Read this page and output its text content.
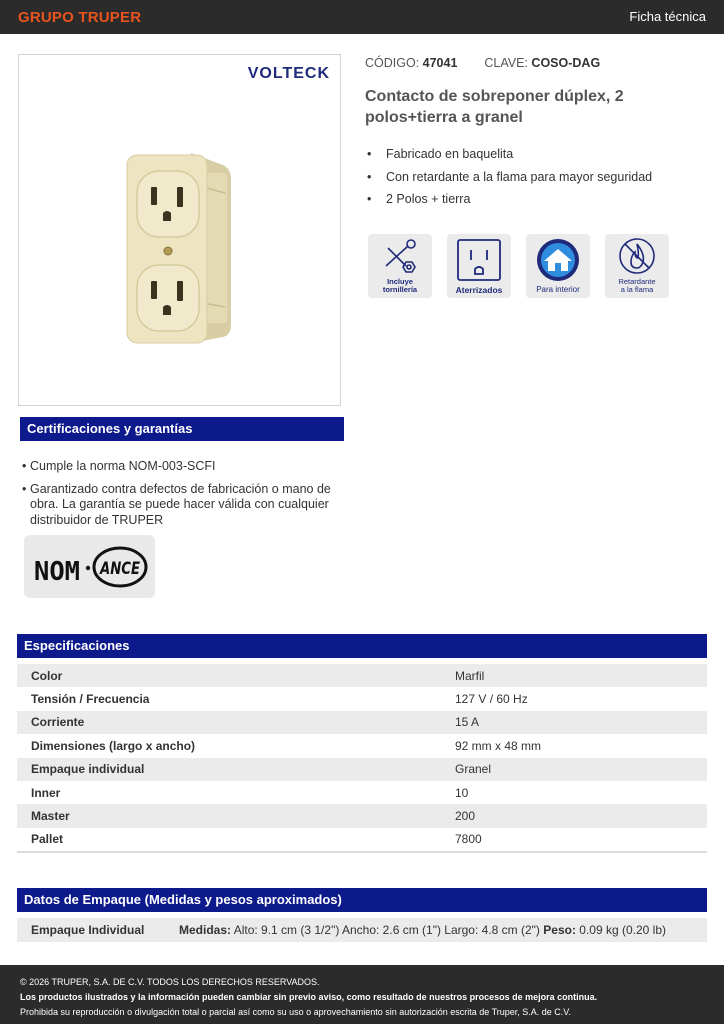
GRUPO TRUPER	Ficha técnica
VOLTECK
CÓDIGO: 47041 CLAVE: COSO-DAG
Contacto de sobreponer dúplex, 2 polos+tierra a granel
• Fabricado en baquelita
• Con retardante a la flama para mayor seguridad
• 2 Polos + tierra
Incluye
tornillería	Aterrizados	Para interior
Retardante
a la flama
Certificaciones y garantías
• Cumple la norma NOM-003-SCFI
• Garantizado contra defectos de fabricación o mano de obra. La garantía se puede hacer válida con cualquier distribuidor de TRUPER
NOM ANCE
Especificaciones
Color	Marfil
Tensión / Frecuencia	127 V / 60 Hz
Corriente	15 A
Dimensiones (largo x ancho)	92 mm x 48 mm
Empaque individual	Granel
Inner	10
Master	200
Pallet	7800
Datos de Empaque (Medidas y pesos aproximados)
Empaque Individual	Medidas: Alto: 9.1 cm (3 1/2") Ancho: 2.6 cm (1") Largo: 4.8 cm (2") Peso: 0.09 kg (0.20 lb)
© 2026 TRUPER, S.A. DE C.V. TODOS LOS DERECHOS RESERVADOS.
Los productos ilustrados y la información pueden cambiar sin previo aviso, como resultado de nuestros procesos de mejora continua.
Prohibida su reproducción o divulgación total o parcial así como su uso o aprovechamiento sin autorización escrita de Truper, S.A. de C.V.
